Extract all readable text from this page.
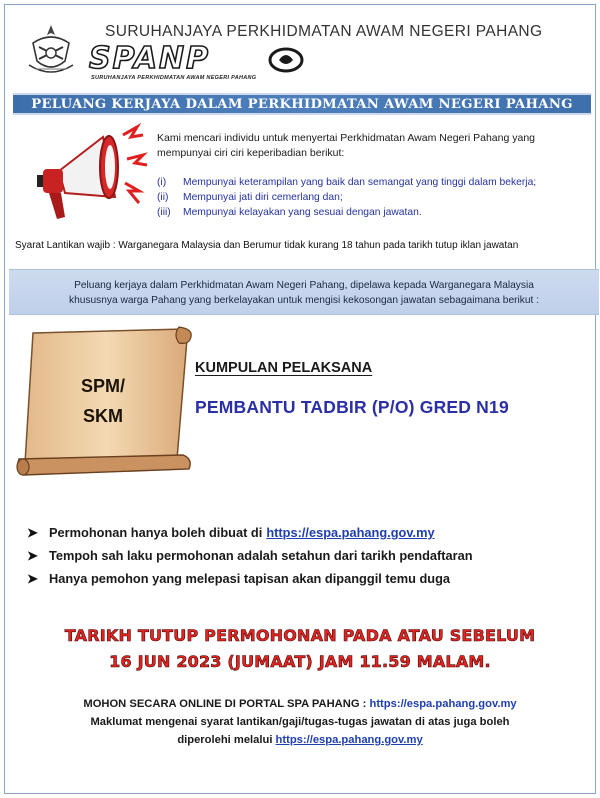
SURUHANJAYA PERKHIDMATAN AWAM NEGERI PAHANG
SPANP
SURUHANJAYA PERKHIDMATAN AWAM NEGERI PAHANG
PELUANG KERJAYA DALAM PERKHIDMATAN AWAM NEGERI PAHANG
Kami mencari individu untuk menyertai Perkhidmatan Awam Negeri Pahang yang mempunyai ciri ciri keperibadian berikut:
(i)	Mempunyai keterampilan yang baik dan semangat yang tinggi dalam bekerja;
(ii)	Mempunyai jati diri cemerlang dan;
(iii)	Mempunyai kelayakan yang sesuai dengan jawatan.
Syarat Lantikan wajib : Warganegara Malaysia dan Berumur tidak kurang 18 tahun pada tarikh tutup iklan jawatan
Peluang kerjaya dalam Perkhidmatan Awam Negeri Pahang, dipelawa kepada Warganegara Malaysia
khususnya warga Pahang yang berkelayakan untuk mengisi kekosongan jawatan sebagaimana berikut :
SPM/
SKM
KUMPULAN PELAKSANA
PEMBANTU TADBIR (P/O) GRED N19
➤ Permohonan hanya boleh dibuat di https://espa.pahang.gov.my
➤ Tempoh sah laku permohonan adalah setahun dari tarikh pendaftaran
➤ Hanya pemohon yang melepasi tapisan akan dipanggil temu duga
TARIKH TUTUP PERMOHONAN PADA ATAU SEBELUM
16 JUN 2023 (JUMAAT) JAM 11.59 MALAM.
MOHON SECARA ONLINE DI PORTAL SPA PAHANG : https://espa.pahang.gov.my
Maklumat mengenai syarat lantikan/gaji/tugas-tugas jawatan di atas juga boleh
diperolehi melalui https://espa.pahang.gov.my
